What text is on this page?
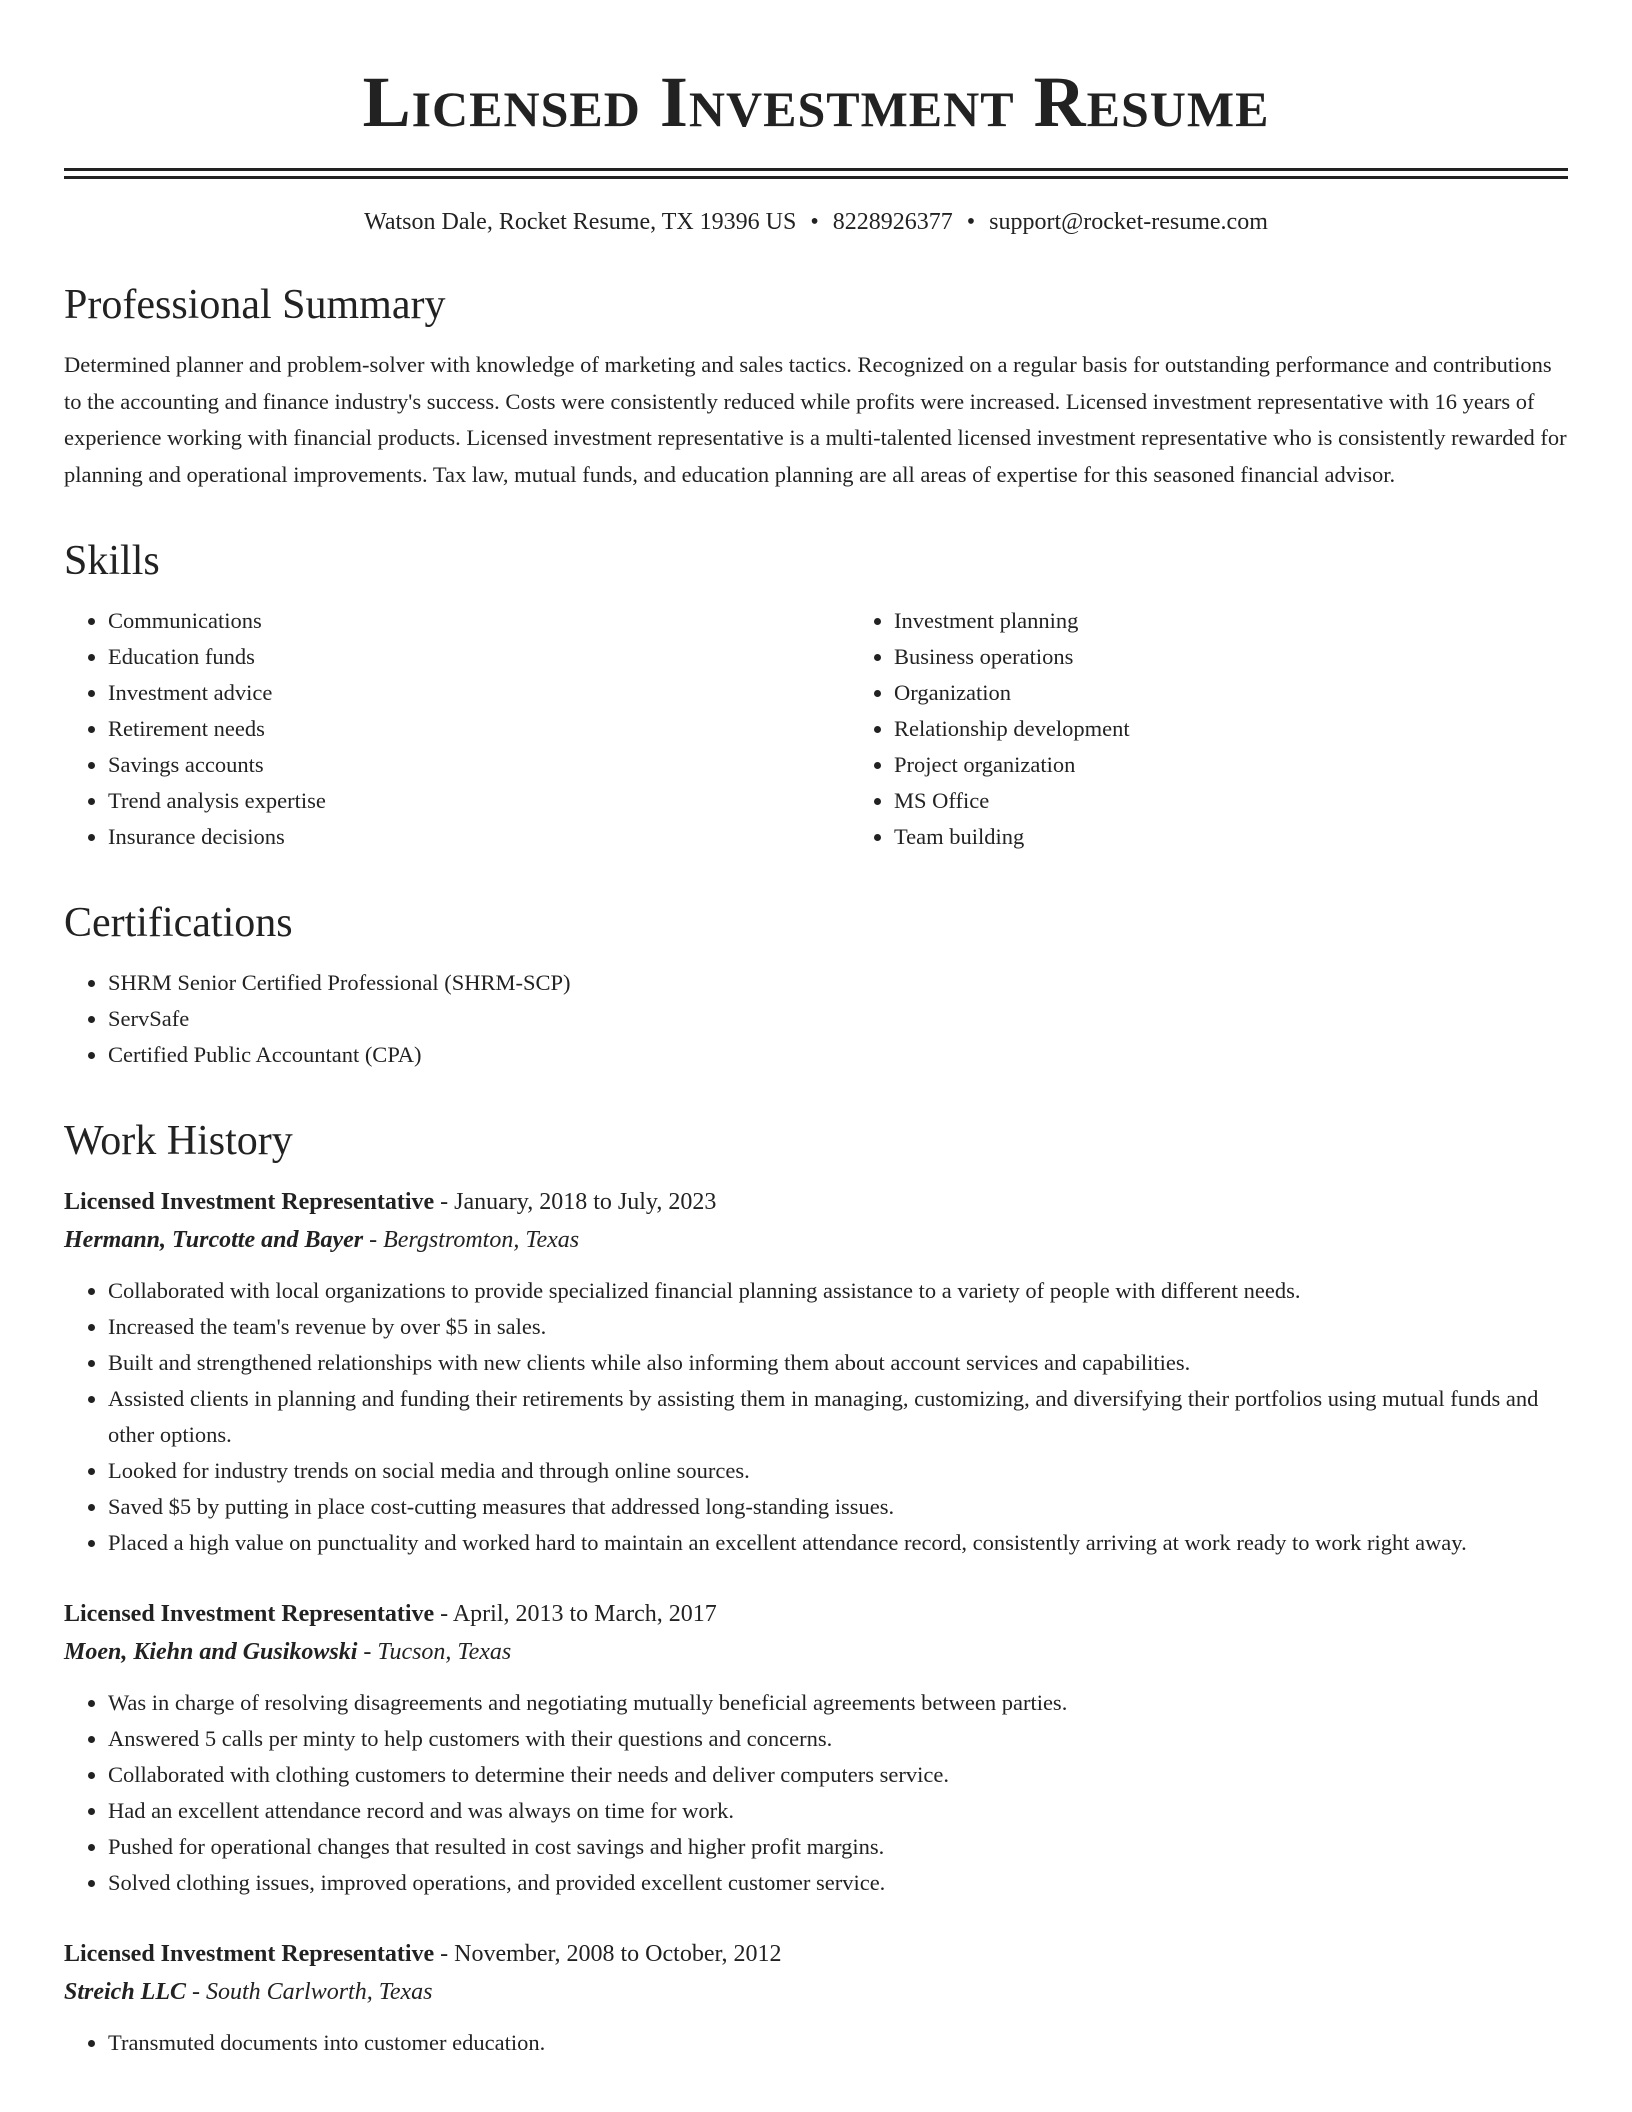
Licensed Investment Resume
Watson Dale, Rocket Resume, TX 19396 US • 8228926377 • support@rocket-resume.com
Professional Summary

Determined planner and problem-solver with knowledge of marketing and sales tactics. Recognized on a regular basis for outstanding performance and contributions to the accounting and finance industry's success. Costs were consistently reduced while profits were increased. Licensed investment representative with 16 years of experience working with financial products. Licensed investment representative is a multi-talented licensed investment representative who is consistently rewarded for planning and operational improvements. Tax law, mutual funds, and education planning are all areas of expertise for this seasoned financial advisor.

Skills
• Communications
• Education funds
• Investment advice
• Retirement needs
• Savings accounts
• Trend analysis expertise
• Insurance decisions
• Investment planning
• Business operations
• Organization
• Relationship development
• Project organization
• MS Office
• Team building
Certifications
• SHRM Senior Certified Professional (SHRM-SCP)
• ServSafe
• Certified Public Accountant (CPA)
Work History
Licensed Investment Representative - January, 2018 to July, 2023
Hermann, Turcotte and Bayer - Bergstromton, Texas
• Collaborated with local organizations to provide specialized financial planning assistance to a variety of people with different needs.
• Increased the team's revenue by over $5 in sales.
• Built and strengthened relationships with new clients while also informing them about account services and capabilities.
• Assisted clients in planning and funding their retirements by assisting them in managing, customizing, and diversifying their portfolios using mutual funds and other options.
• Looked for industry trends on social media and through online sources.
• Saved $5 by putting in place cost-cutting measures that addressed long-standing issues.
• Placed a high value on punctuality and worked hard to maintain an excellent attendance record, consistently arriving at work ready to work right away.
Licensed Investment Representative - April, 2013 to March, 2017
Moen, Kiehn and Gusikowski - Tucson, Texas
• Was in charge of resolving disagreements and negotiating mutually beneficial agreements between parties.
• Answered 5 calls per minty to help customers with their questions and concerns.
• Collaborated with clothing customers to determine their needs and deliver computers service.
• Had an excellent attendance record and was always on time for work.
• Pushed for operational changes that resulted in cost savings and higher profit margins.
• Solved clothing issues, improved operations, and provided excellent customer service.
Licensed Investment Representative - November, 2008 to October, 2012
Streich LLC - South Carlworth, Texas
• Transmuted documents into customer education.
